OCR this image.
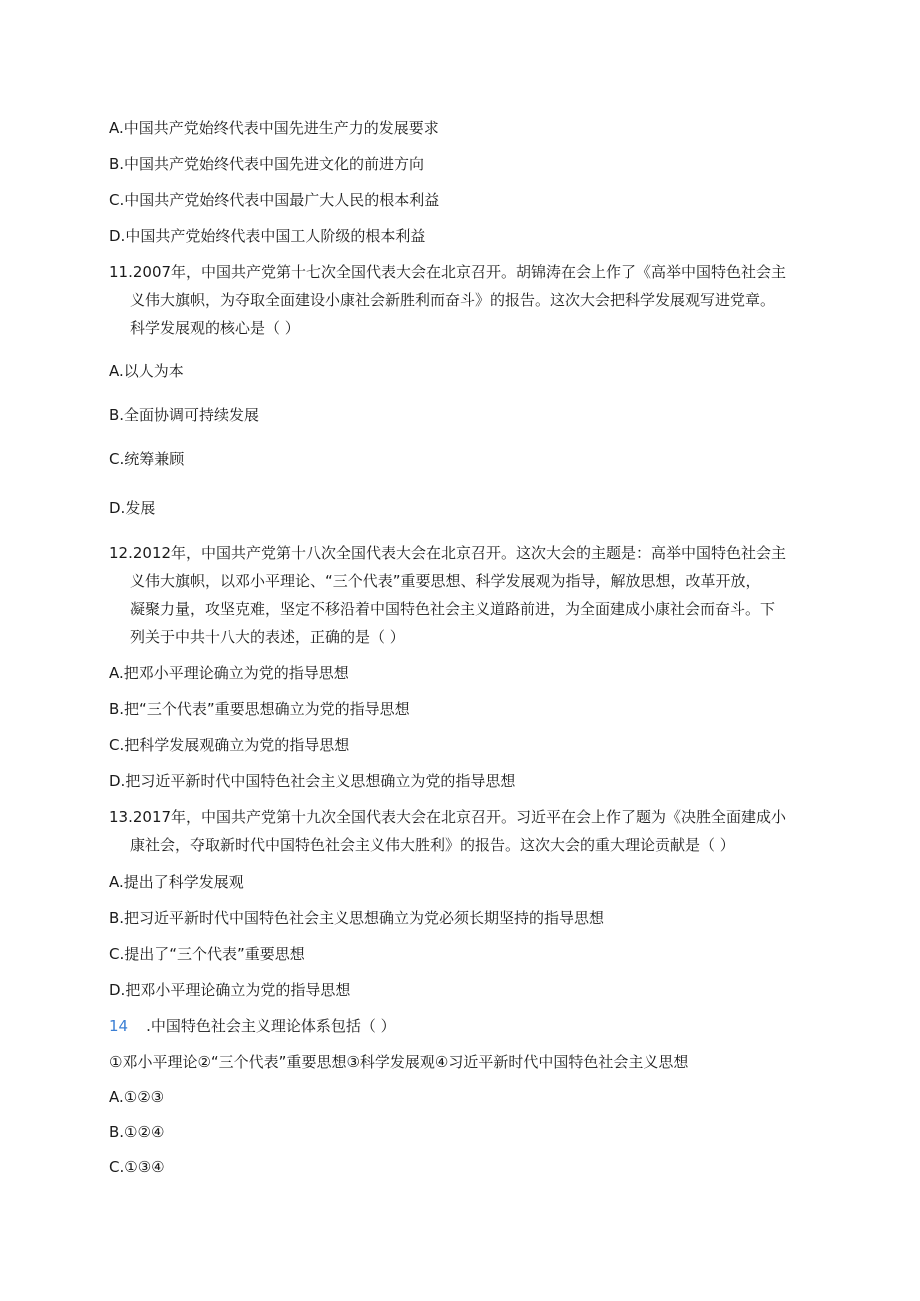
A.中国共产党始终代表中国先进生产力的发展要求
B.中国共产党始终代表中国先进文化的前进方向
C.中国共产党始终代表中国最广大人民的根本利益
D.中国共产党始终代表中国工人阶级的根本利益
11.2007年，中国共产党第十七次全国代表大会在北京召开。胡锦涛在会上作了《高举中国特色社会主
义伟大旗帜，为夺取全面建设小康社会新胜利而奋斗》的报告。这次大会把科学发展观写进党章。
科学发展观的核心是（ ）
A.以人为本
B.全面协调可持续发展
C.统筹兼顾
D.发展
12.2012年，中国共产党第十八次全国代表大会在北京召开。这次大会的主题是：高举中国特色社会主
义伟大旗帜，以邓小平理论、“三个代表”重要思想、科学发展观为指导，解放思想，改革开放，
凝聚力量，攻坚克难，坚定不移沿着中国特色社会主义道路前进，为全面建成小康社会而奋斗。下
列关于中共十八大的表述，正确的是（ ）
A.把邓小平理论确立为党的指导思想
B.把“三个代表”重要思想确立为党的指导思想
C.把科学发展观确立为党的指导思想
D.把习近平新时代中国特色社会主义思想确立为党的指导思想
13.2017年，中国共产党第十九次全国代表大会在北京召开。习近平在会上作了题为《决胜全面建成小
康社会，夺取新时代中国特色社会主义伟大胜利》的报告。这次大会的重大理论贡献是（ ）
A.提出了科学发展观
B.把习近平新时代中国特色社会主义思想确立为党必须长期坚持的指导思想
C.提出了“三个代表”重要思想
D.把邓小平理论确立为党的指导思想
14 .中国特色社会主义理论体系包括（ ）
①邓小平理论②“三个代表”重要思想③科学发展观④习近平新时代中国特色社会主义思想
A.①②③
B.①②④
C.①③④
